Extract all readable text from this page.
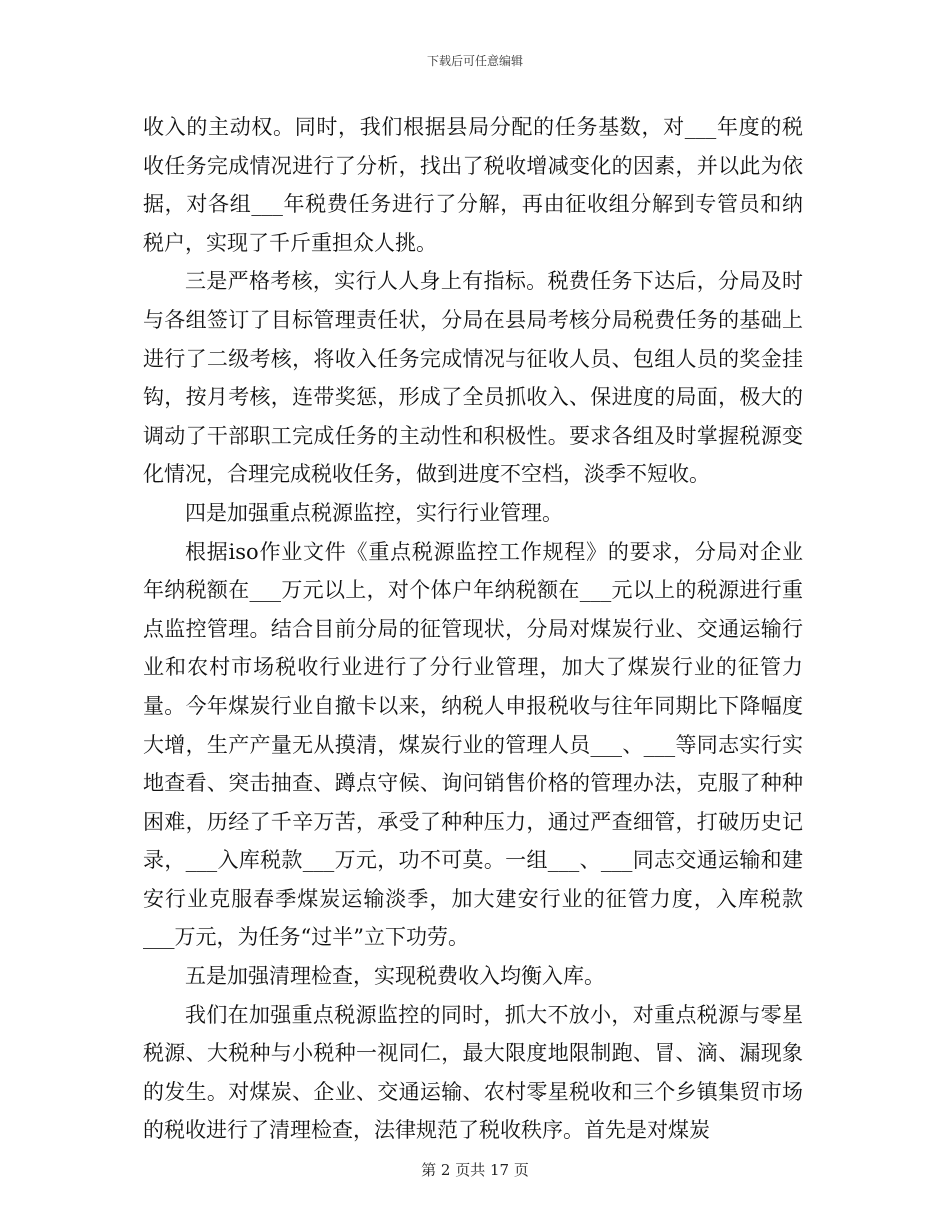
下载后可任意编辑

收入的主动权。同时，我们根据县局分配的任务基数，对___年度的税收任务完成情况进行了分析，找出了税收增减变化的因素，并以此为依据，对各组___年税费任务进行了分解，再由征收组分解到专管员和纳税户，实现了千斤重担众人挑。

三是严格考核，实行人人身上有指标。税费任务下达后，分局及时与各组签订了目标管理责任状，分局在县局考核分局税费任务的基础上进行了二级考核，将收入任务完成情况与征收人员、包组人员的奖金挂钩，按月考核，连带奖惩，形成了全员抓收入、保进度的局面，极大的调动了干部职工完成任务的主动性和积极性。要求各组及时掌握税源变化情况，合理完成税收任务，做到进度不空档，淡季不短收。

四是加强重点税源监控，实行行业管理。

根据iso作业文件《重点税源监控工作规程》的要求，分局对企业年纳税额在___万元以上，对个体户年纳税额在___元以上的税源进行重点监控管理。结合目前分局的征管现状，分局对煤炭行业、交通运输行业和农村市场税收行业进行了分行业管理，加大了煤炭行业的征管力量。今年煤炭行业自撤卡以来，纳税人申报税收与往年同期比下降幅度大增，生产产量无从摸清，煤炭行业的管理人员___、___等同志实行实地查看、突击抽查、蹲点守候、询问销售价格的管理办法，克服了种种困难，历经了千辛万苦，承受了种种压力，通过严查细管，打破历史记录，___入库税款___万元，功不可莫。一组___、___同志交通运输和建安行业克服春季煤炭运输淡季，加大建安行业的征管力度，入库税款___万元，为任务“过半”立下功劳。

五是加强清理检查，实现税费收入均衡入库。

我们在加强重点税源监控的同时，抓大不放小，对重点税源与零星税源、大税种与小税种一视同仁，最大限度地限制跑、冒、滴、漏现象的发生。对煤炭、企业、交通运输、农村零星税收和三个乡镇集贸市场的税收进行了清理检查，法律规范了税收秩序。首先是对煤炭

第 2 页共 17 页
